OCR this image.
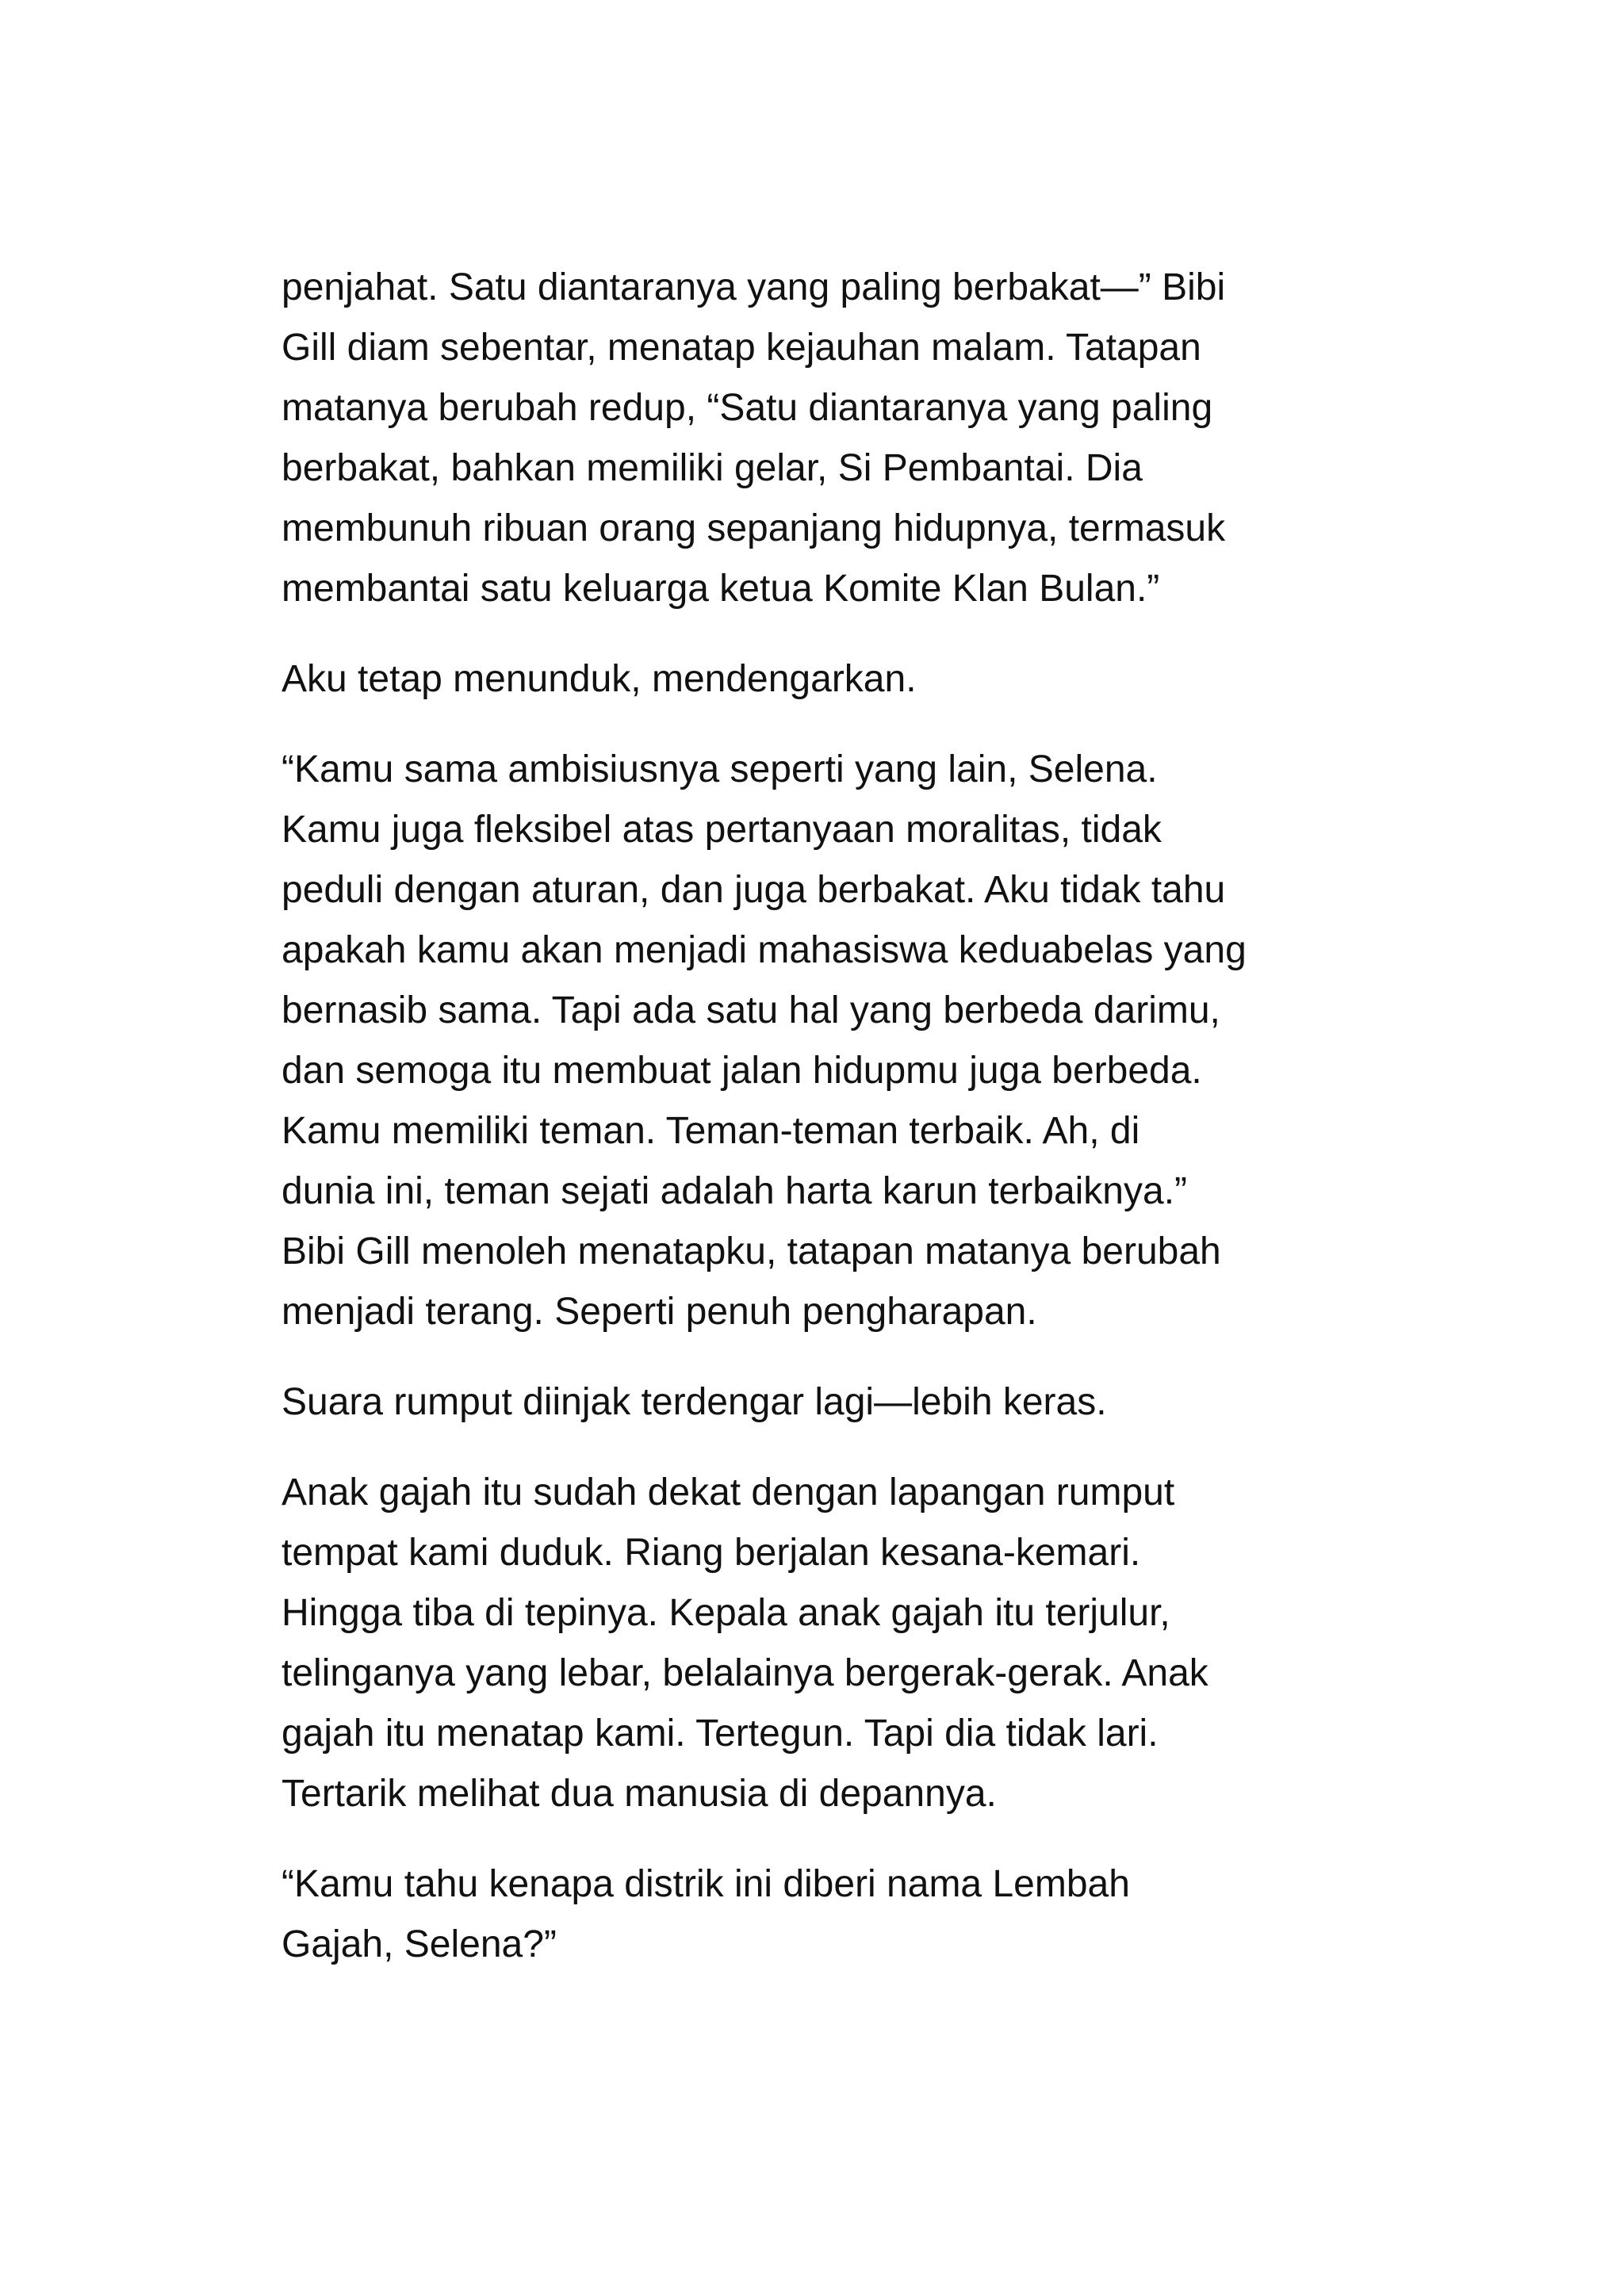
penjahat. Satu diantaranya yang paling berbakat—” Bibi
Gill diam sebentar, menatap kejauhan malam. Tatapan
matanya berubah redup, “Satu diantaranya yang paling
berbakat, bahkan memiliki gelar, Si Pembantai. Dia
membunuh ribuan orang sepanjang hidupnya, termasuk
membantai satu keluarga ketua Komite Klan Bulan.”

Aku tetap menunduk, mendengarkan.

“Kamu sama ambisiusnya seperti yang lain, Selena.
Kamu juga fleksibel atas pertanyaan moralitas, tidak
peduli dengan aturan, dan juga berbakat. Aku tidak tahu
apakah kamu akan menjadi mahasiswa keduabelas yang
bernasib sama. Tapi ada satu hal yang berbeda darimu,
dan semoga itu membuat jalan hidupmu juga berbeda.
Kamu memiliki teman. Teman-teman terbaik. Ah, di
dunia ini, teman sejati adalah harta karun terbaiknya.”
Bibi Gill menoleh menatapku, tatapan matanya berubah
menjadi terang. Seperti penuh pengharapan.

Suara rumput diinjak terdengar lagi—lebih keras.

Anak gajah itu sudah dekat dengan lapangan rumput
tempat kami duduk. Riang berjalan kesana-kemari.
Hingga tiba di tepinya. Kepala anak gajah itu terjulur,
telinganya yang lebar, belalainya bergerak-gerak. Anak
gajah itu menatap kami. Tertegun. Tapi dia tidak lari.
Tertarik melihat dua manusia di depannya.

“Kamu tahu kenapa distrik ini diberi nama Lembah
Gajah, Selena?”
